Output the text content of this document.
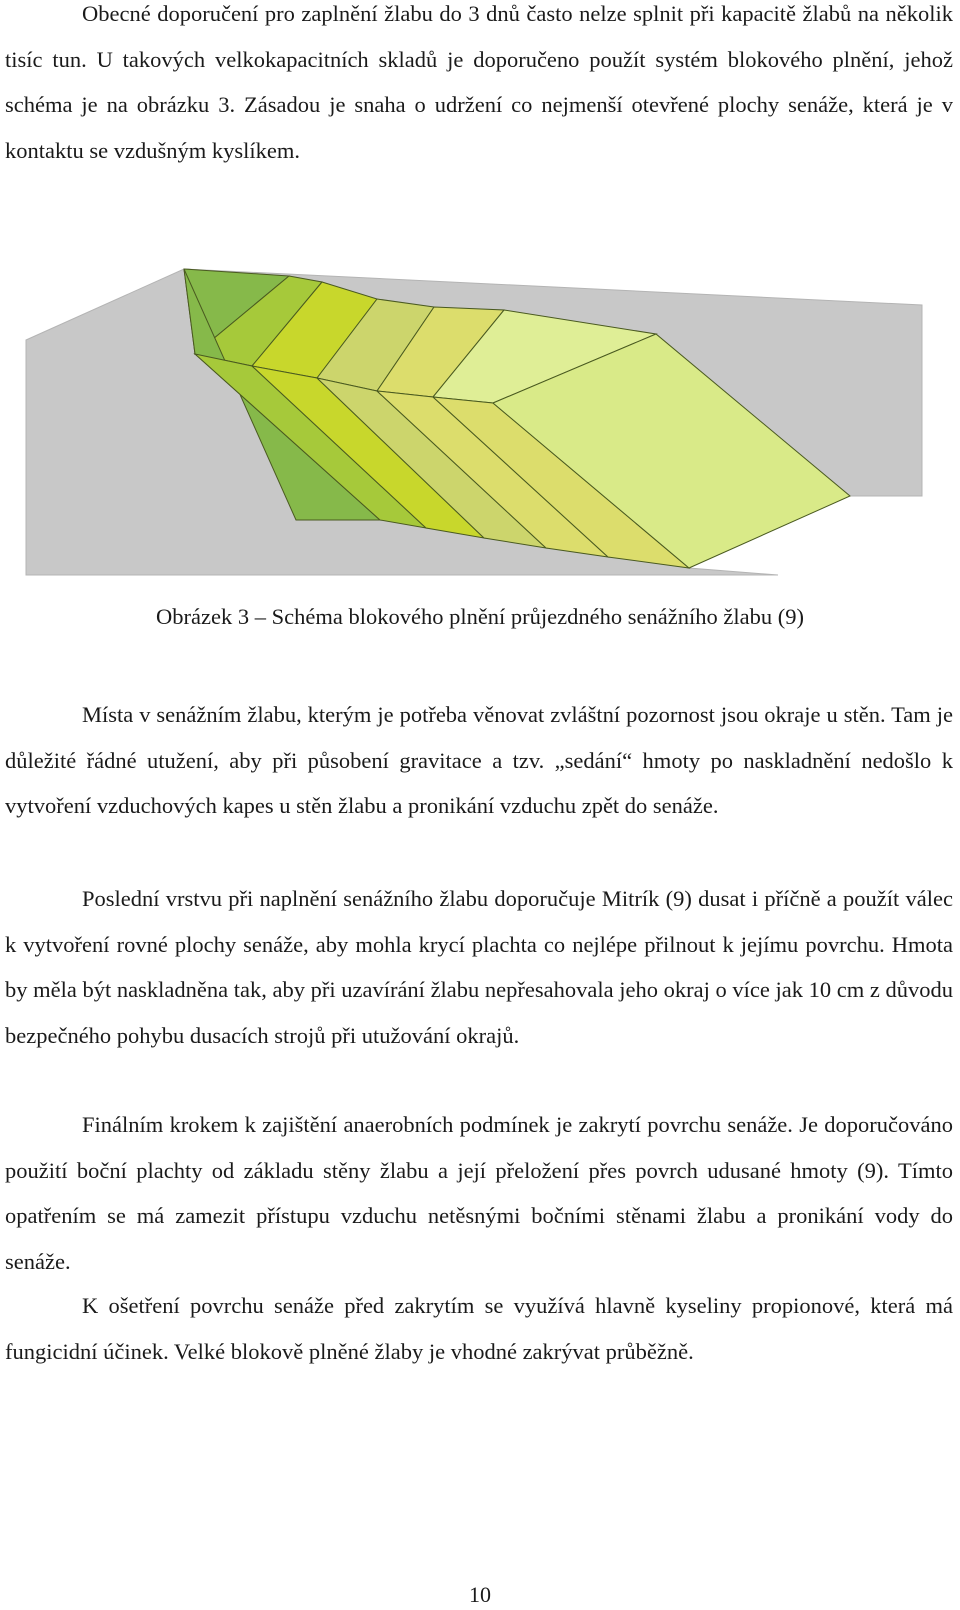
Obecné doporučení pro zaplnění žlabu do 3 dnů často nelze splnit při kapacitě žlabů na několik tisíc tun. U takových velkokapacitních skladů je doporučeno použít systém blokového plnění, jehož schéma je na obrázku 3. Zásadou je snaha o udržení co nejmenší otevřené plochy senáže, která je v kontaktu se vzdušným kyslíkem.

Obrázek 3 – Schéma blokového plnění průjezdného senážního žlabu (9)

Místa v senážním žlabu, kterým je potřeba věnovat zvláštní pozornost jsou okraje u stěn. Tam je důležité řádné utužení, aby při působení gravitace a tzv. „sedání“ hmoty po naskladnění nedošlo k vytvoření vzduchových kapes u stěn žlabu a pronikání vzduchu zpět do senáže.

Poslední vrstvu při naplnění senážního žlabu doporučuje Mitrík (9) dusat i příčně a použít válec k vytvoření rovné plochy senáže, aby mohla krycí plachta co nejlépe přilnout k jejímu povrchu. Hmota by měla být naskladněna tak, aby při uzavírání žlabu nepřesahovala jeho okraj o více jak 10 cm z důvodu bezpečného pohybu dusacích strojů při utužování okrajů.

Finálním krokem k zajištění anaerobních podmínek je zakrytí povrchu senáže. Je doporučováno použití boční plachty od základu stěny žlabu a její přeložení přes povrch udusané hmoty (9). Tímto opatřením se má zamezit přístupu vzduchu netěsnými bočními stěnami žlabu a pronikání vody do senáže.

K ošetření povrchu senáže před zakrytím se využívá hlavně kyseliny propionové, která má fungicidní účinek. Velké blokově plněné žlaby je vhodné zakrývat průběžně.

10
